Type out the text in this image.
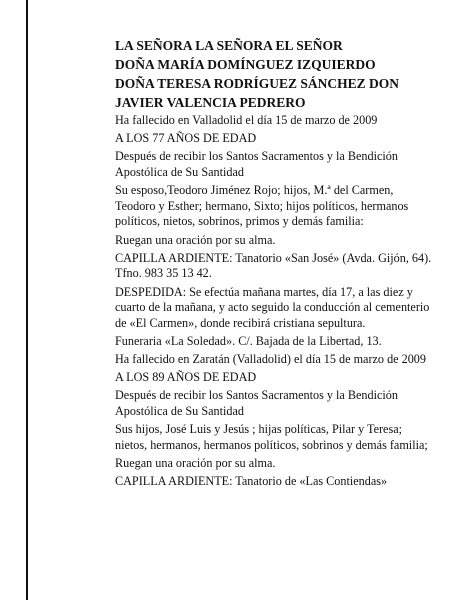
LA SEÑORA LA SEÑORA EL SEÑOR
DOÑA MARÍA DOMÍNGUEZ IZQUIERDO
DOÑA TERESA RODRÍGUEZ SÁNCHEZ DON
JAVIER VALENCIA PEDRERO
Ha fallecido en Valladolid el día 15 de marzo de 2009
A LOS 77 AÑOS DE EDAD
Después de recibir los Santos Sacramentos y la Bendición Apostólica de Su Santidad
Su esposo,Teodoro Jiménez Rojo; hijos, M.ª del Carmen, Teodoro y Esther; hermano, Sixto; hijos políticos, hermanos políticos, nietos, sobrinos, primos y demás familia:
Ruegan una oración por su alma.
CAPILLA ARDIENTE: Tanatorio «San José» (Avda. Gijón, 64). Tfno. 983 35 13 42.
DESPEDIDA: Se efectúa mañana martes, día 17, a las diez y cuarto de la mañana, y acto seguido la conducción al cementerio de «El Carmen», donde recibirá cristiana sepultura.
Funeraria «La Soledad». C/. Bajada de la Libertad, 13.
Ha fallecido en Zaratán (Valladolid) el día 15 de marzo de 2009
A LOS 89 AÑOS DE EDAD
Después de recibir los Santos Sacramentos y la Bendición Apostólica de Su Santidad
Sus hijos, José Luis y Jesús ; hijas políticas, Pilar y Teresa; nietos, hermanos, hermanos políticos, sobrinos y demás familia;
Ruegan una oración por su alma.
CAPILLA ARDIENTE: Tanatorio de «Las Contiendas»
